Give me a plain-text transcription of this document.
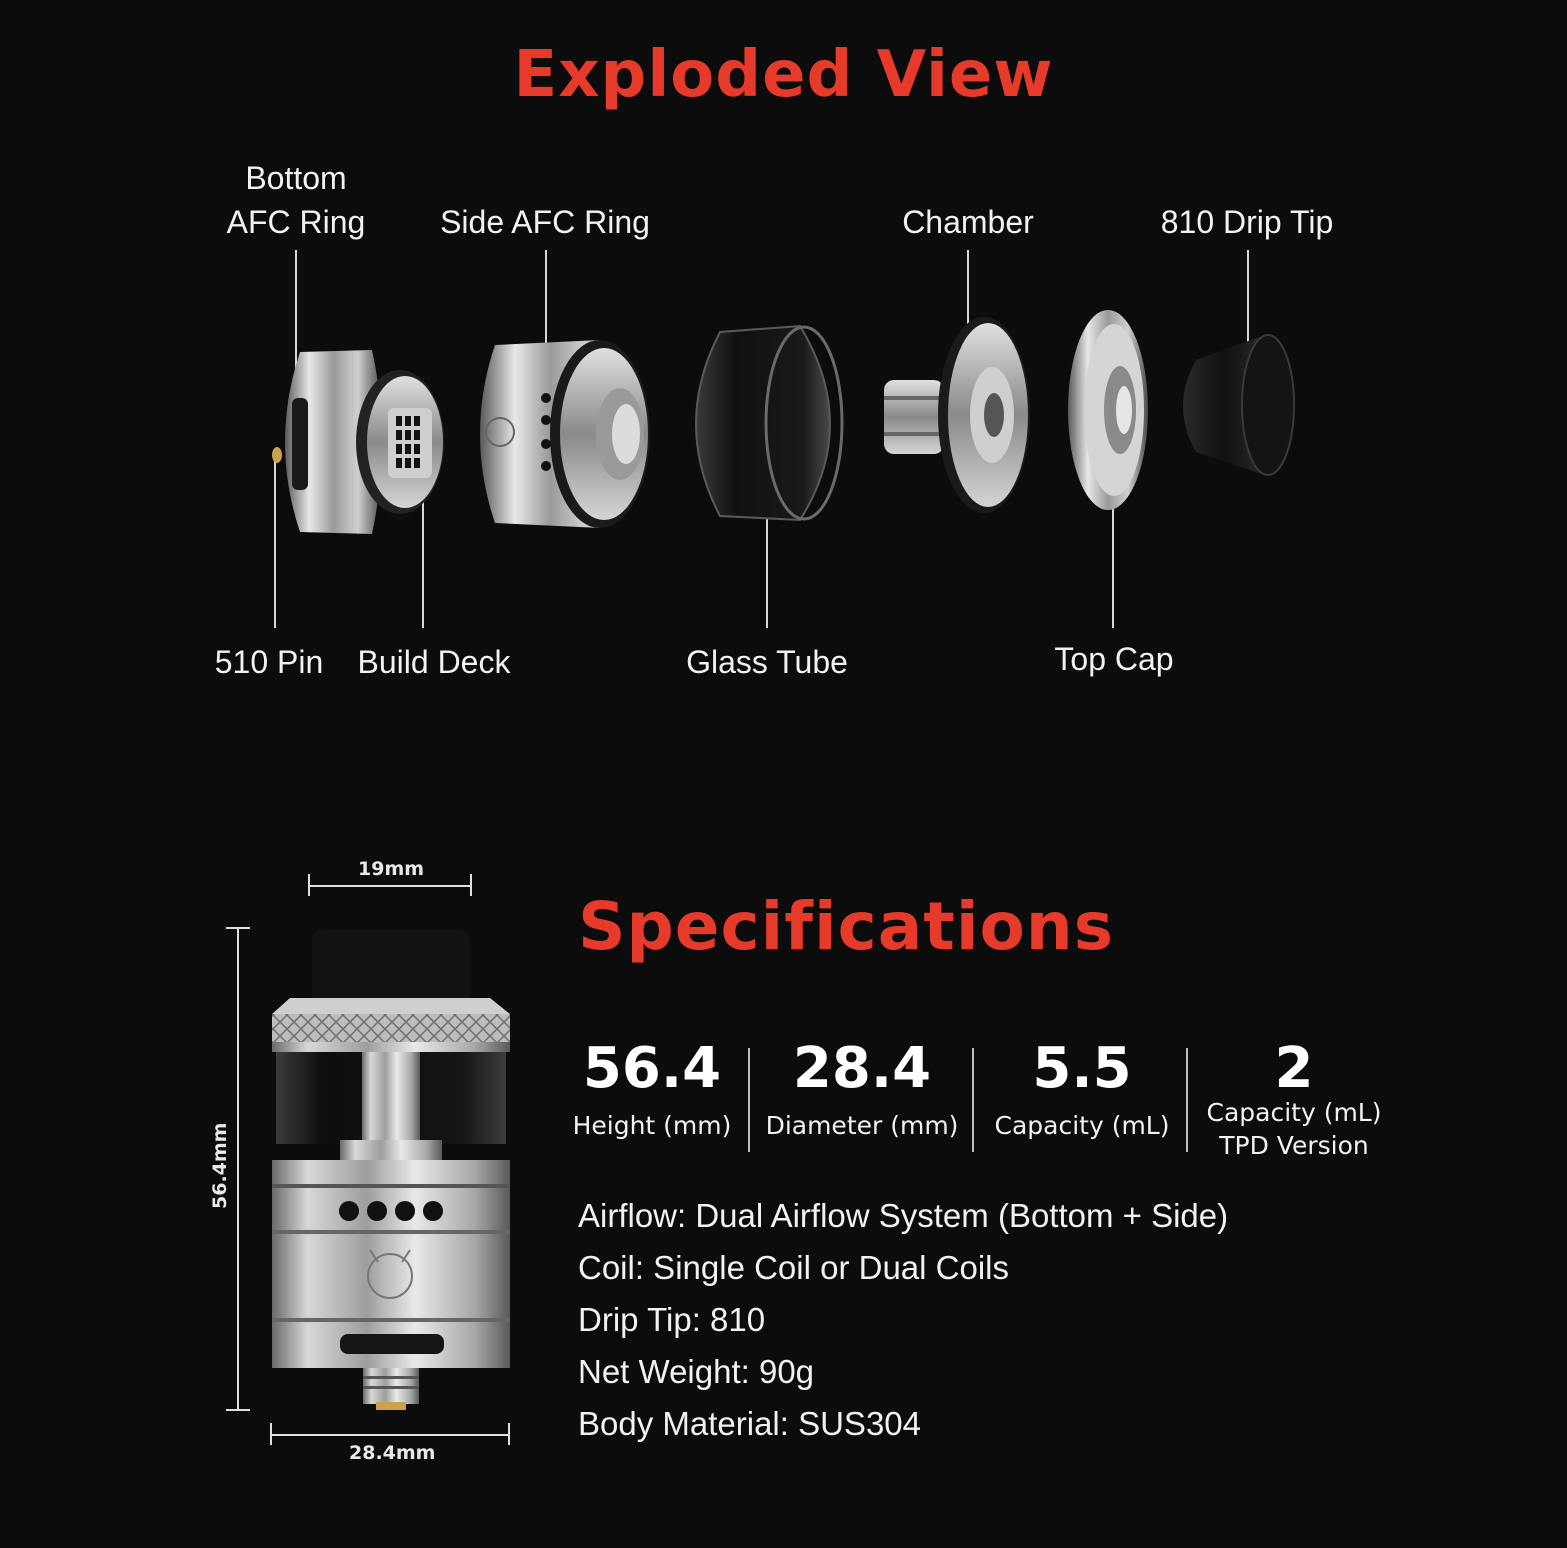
Exploded View
Bottom
AFC Ring	Side AFC Ring	Chamber	810 Drip Tip
510 Pin	Build Deck	Glass Tube	Top Cap
19mm
56.4mm
28.4mm
Specifications
56.4
Height (mm)
28.4
Diameter (mm)
5.5
Capacity (mL)
2
Capacity (mL)
TPD Version
Airflow: Dual Airflow System (Bottom + Side)
Coil: Single Coil or Dual Coils
Drip Tip: 810
Net Weight: 90g
Body Material: SUS304
